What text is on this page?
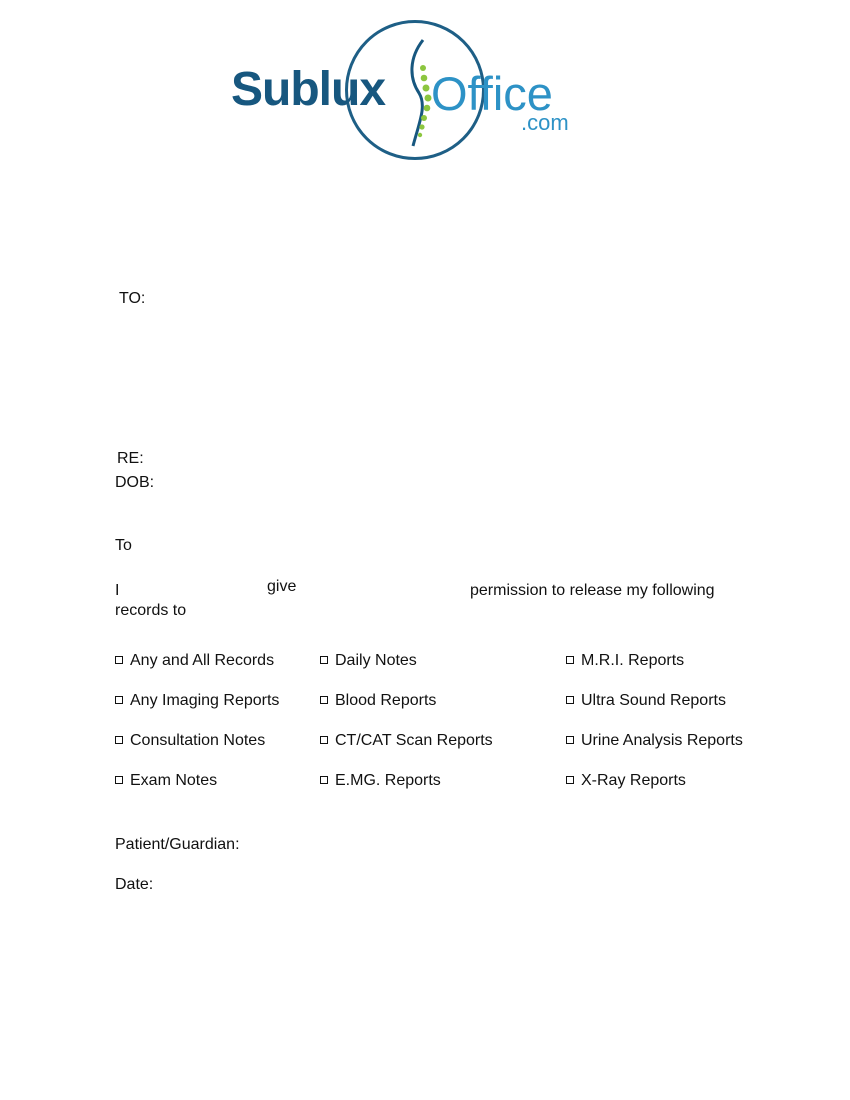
Sublux Office
.com
TO:
RE:
DOB:
To
I	give	permission to release my following
records to
Any and All Records
Any Imaging Reports
Consultation Notes
Exam Notes
Daily Notes
Blood Reports
CT/CAT Scan Reports
E.MG. Reports
M.R.I. Reports
Ultra Sound Reports
Urine Analysis Reports
X-Ray Reports
Patient/Guardian:
Date:
